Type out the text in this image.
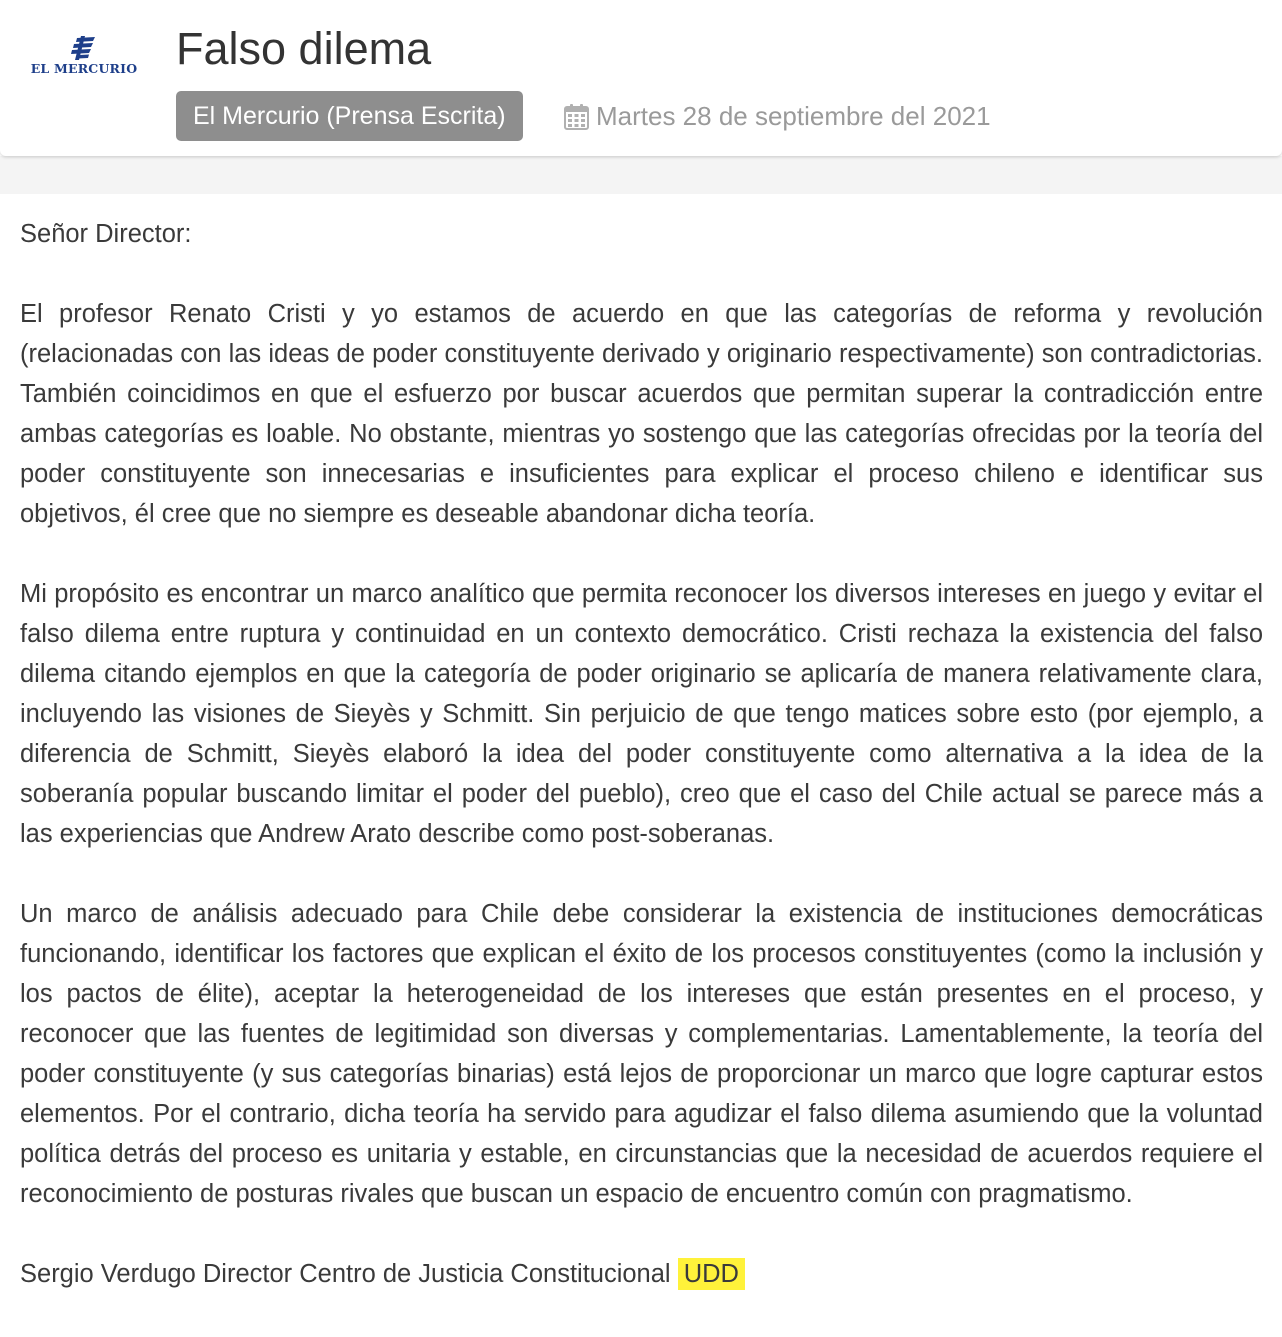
EL MERCURIO Falso dilema
El Mercurio (Prensa Escrita)	Martes 28 de septiembre del 2021

Señor Director:

El profesor Renato Cristi y yo estamos de acuerdo en que las categorías de reforma y revolución (relacionadas con las ideas de poder constituyente derivado y originario respectivamente) son contradictorias. También coincidimos en que el esfuerzo por buscar acuerdos que permitan superar la contradicción entre ambas categorías es loable. No obstante, mientras yo sostengo que las categorías ofrecidas por la teoría del poder constituyente son innecesarias e insuficientes para explicar el proceso chileno e identificar sus objetivos, él cree que no siempre es deseable abandonar dicha teoría.

Mi propósito es encontrar un marco analítico que permita reconocer los diversos intereses en juego y evitar el falso dilema entre ruptura y continuidad en un contexto democrático. Cristi rechaza la existencia del falso dilema citando ejemplos en que la categoría de poder originario se aplicaría de manera relativamente clara, incluyendo las visiones de Sieyès y Schmitt. Sin perjuicio de que tengo matices sobre esto (por ejemplo, a diferencia de Schmitt, Sieyès elaboró la idea del poder constituyente como alternativa a la idea de la soberanía popular buscando limitar el poder del pueblo), creo que el caso del Chile actual se parece más a las experiencias que Andrew Arato describe como post-soberanas.

Un marco de análisis adecuado para Chile debe considerar la existencia de instituciones democráticas funcionando, identificar los factores que explican el éxito de los procesos constituyentes (como la inclusión y los pactos de élite), aceptar la heterogeneidad de los intereses que están presentes en el proceso, y reconocer que las fuentes de legitimidad son diversas y complementarias. Lamentablemente, la teoría del poder constituyente (y sus categorías binarias) está lejos de proporcionar un marco que logre capturar estos elementos. Por el contrario, dicha teoría ha servido para agudizar el falso dilema asumiendo que la voluntad política detrás del proceso es unitaria y estable, en circunstancias que la necesidad de acuerdos requiere el reconocimiento de posturas rivales que buscan un espacio de encuentro común con pragmatismo.

Sergio Verdugo Director Centro de Justicia Constitucional UDD
